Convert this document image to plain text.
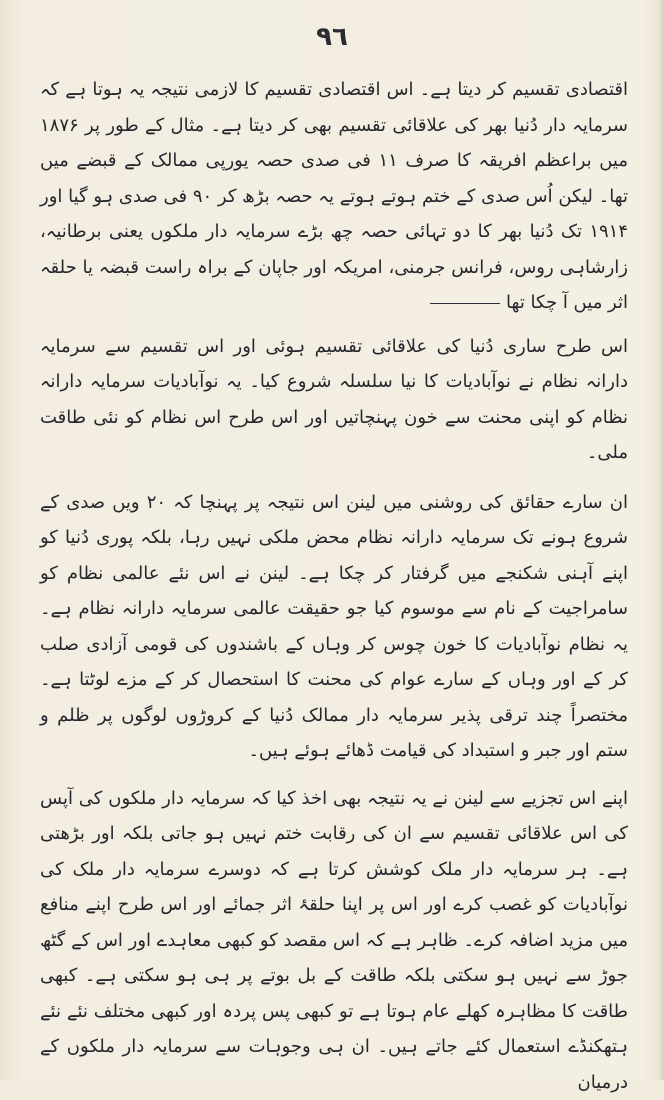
٩٦

اقتصادی تقسیم کر دیتا ہے۔ اس اقتصادی تقسیم کا لازمی نتیجہ یہ ہوتا ہے کہ سرمایہ دار دُنیا بھر کی علاقائی تقسیم بھی کر دیتا ہے۔ مثال کے طور پر ۱۸۷۶ میں براعظم افریقہ کا صرف ۱۱ فی صدی حصہ یورپی ممالک کے قبضے میں تھا۔ لیکن اُس صدی کے ختم ہوتے ہوتے یہ حصہ بڑھ کر ۹۰ فی صدی ہو گیا اور ۱۹۱۴ تک دُنیا بھر کا دو تہائی حصہ چھ بڑے سرمایہ دار ملکوں یعنی برطانیہ، زارشاہی روس، فرانس جرمنی، امریکہ اور جاپان کے براہ راست قبضہ یا حلقہ اثر میں آ چکا تھا

اس طرح ساری دُنیا کی علاقائی تقسیم ہوئی اور اس تقسیم سے سرمایہ دارانہ نظام نے نوآبادیات کا نیا سلسلہ شروع کیا۔ یہ نوآبادیات سرمایہ دارانہ نظام کو اپنی محنت سے خون پہنچاتیں اور اس طرح اس نظام کو نئی طاقت ملی۔

ان سارے حقائق کی روشنی میں لینن اس نتیجہ پر پہنچا کہ ۲۰ ویں صدی کے شروع ہونے تک سرمایہ دارانہ نظام محض ملکی نہیں رہا، بلکہ پوری دُنیا کو اپنے آہنی شکنجے میں گرفتار کر چکا ہے۔ لینن نے اس نئے عالمی نظام کو سامراجیت کے نام سے موسوم کیا جو حقیقت عالمی سرمایہ دارانہ نظام ہے۔ یہ نظام نوآبادیات کا خون چوس کر وہاں کے باشندوں کی قومی آزادی صلب کر کے اور وہاں کے سارے عوام کی محنت کا استحصال کر کے مزے لوٹتا ہے۔ مختصراً چند ترقی پذیر سرمایہ دار ممالک دُنیا کے کروڑوں لوگوں پر ظلم و ستم اور جبر و استبداد کی قیامت ڈھائے ہوئے ہیں۔

اپنے اس تجزیے سے لینن نے یہ نتیجہ بھی اخذ کیا کہ سرمایہ دار ملکوں کی آپس کی اس علاقائی تقسیم سے ان کی رقابت ختم نہیں ہو جاتی بلکہ اور بڑھتی ہے۔ ہر سرمایہ دار ملک کوشش کرتا ہے کہ دوسرے سرمایہ دار ملک کی نوآبادیات کو غصب کرے اور اس پر اپنا حلقۂ اثر جمائے اور اس طرح اپنے منافع میں مزید اضافہ کرے۔ ظاہر ہے کہ اس مقصد کو کبھی معاہدے اور اس کے گٹھ جوڑ سے نہیں ہو سکتی بلکہ طاقت کے بل بوتے پر ہی ہو سکتی ہے۔ کبھی طاقت کا مظاہرہ کھلے عام ہوتا ہے تو کبھی پس پردہ اور کبھی مختلف نئے نئے ہتھکنڈے استعمال کئے جاتے ہیں۔ ان ہی وجوہات سے سرمایہ دار ملکوں کے درمیان
